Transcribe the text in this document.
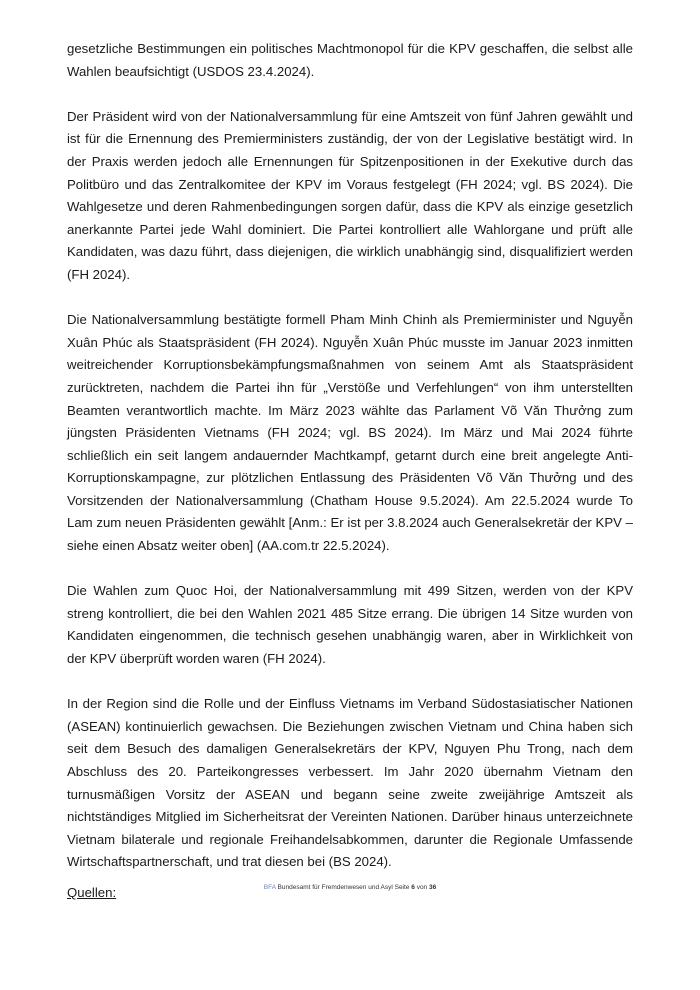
gesetzliche Bestimmungen ein politisches Machtmonopol für die KPV geschaffen, die selbst alle Wahlen beaufsichtigt (USDOS 23.4.2024).

Der Präsident wird von der Nationalversammlung für eine Amtszeit von fünf Jahren gewählt und ist für die Ernennung des Premierministers zuständig, der von der Legislative bestätigt wird. In der Praxis werden jedoch alle Ernennungen für Spitzenpositionen in der Exekutive durch das Politbüro und das Zentralkomitee der KPV im Voraus festgelegt (FH 2024; vgl. BS 2024). Die Wahlgesetze und deren Rahmenbedingungen sorgen dafür, dass die KPV als einzige gesetzlich anerkannte Partei jede Wahl dominiert. Die Partei kontrolliert alle Wahlorgane und prüft alle Kandidaten, was dazu führt, dass diejenigen, die wirklich unabhängig sind, disqualifiziert werden (FH 2024).

Die Nationalversammlung bestätigte formell Pham Minh Chinh als Premierminister und Nguyễn Xuân Phúc als Staatspräsident (FH 2024). Nguyễn Xuân Phúc musste im Januar 2023 inmitten weitreichender Korruptionsbekämpfungsmaßnahmen von seinem Amt als Staatspräsident zurücktreten, nachdem die Partei ihn für „Verstöße und Verfehlungen“ von ihm unterstellten Beamten verantwortlich machte. Im März 2023 wählte das Parlament Võ Văn Thưởng zum jüngsten Präsidenten Vietnams (FH 2024; vgl. BS 2024). Im März und Mai 2024 führte schließlich ein seit langem andauernder Machtkampf, getarnt durch eine breit angelegte Anti-Korruptionskampagne, zur plötzlichen Entlassung des Präsidenten Võ Văn Thưởng und des Vorsitzenden der Nationalversammlung (Chatham House 9.5.2024). Am 22.5.2024 wurde To Lam zum neuen Präsidenten gewählt [Anm.: Er ist per 3.8.2024 auch Generalsekretär der KPV – siehe einen Absatz weiter oben] (AA.com.tr 22.5.2024).

Die Wahlen zum Quoc Hoi, der Nationalversammlung mit 499 Sitzen, werden von der KPV streng kontrolliert, die bei den Wahlen 2021 485 Sitze errang. Die übrigen 14 Sitze wurden von Kandidaten eingenommen, die technisch gesehen unabhängig waren, aber in Wirklichkeit von der KPV überprüft worden waren (FH 2024).

In der Region sind die Rolle und der Einfluss Vietnams im Verband Südostasiatischer Nationen (ASEAN) kontinuierlich gewachsen. Die Beziehungen zwischen Vietnam und China haben sich seit dem Besuch des damaligen Generalsekretärs der KPV, Nguyen Phu Trong, nach dem Abschluss des 20. Parteikongresses verbessert. Im Jahr 2020 übernahm Vietnam den turnusmäßigen Vorsitz der ASEAN und begann seine zweite zweijährige Amtszeit als nichtständiges Mitglied im Sicherheitsrat der Vereinten Nationen. Darüber hinaus unterzeichnete Vietnam bilaterale und regionale Freihandelsabkommen, darunter die Regionale Umfassende Wirtschaftspartnerschaft, und trat diesen bei (BS 2024).

Quellen:	BFA Bundesamt für Fremdenwesen und Asyl Seite 6 von 36
